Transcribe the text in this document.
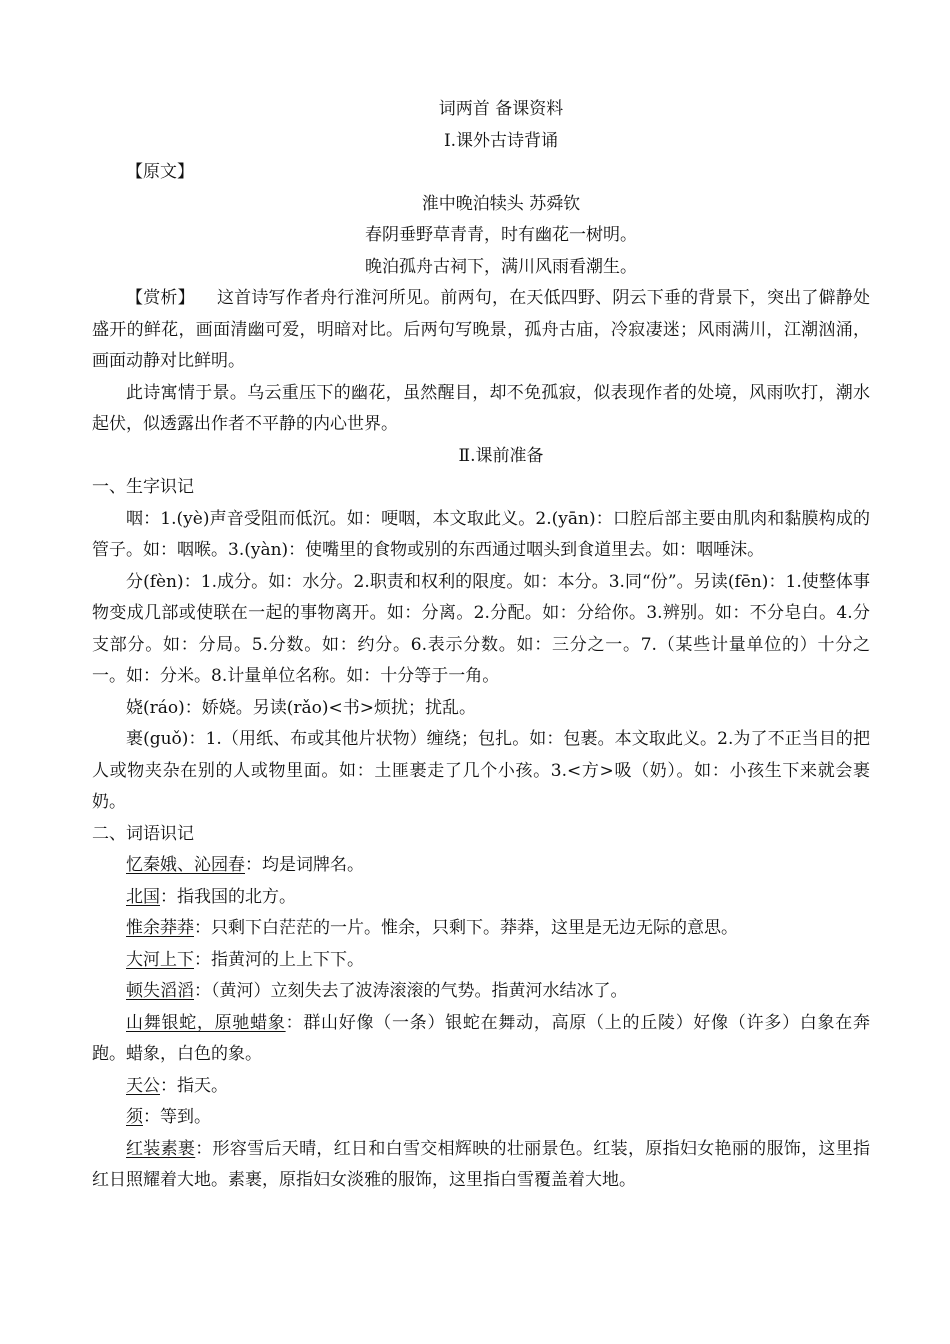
词两首 备课资料

Ⅰ.课外古诗背诵

【原文】

淮中晚泊犊头 苏舜钦

春阴垂野草青青，时有幽花一树明。

晚泊孤舟古祠下，满川风雨看潮生。

【赏析】 这首诗写作者舟行淮河所见。前两句，在天低四野、阴云下垂的背景下，突出了僻静处盛开的鲜花，画面清幽可爱，明暗对比。后两句写晚景，孤舟古庙，冷寂凄迷；风雨满川，江潮汹涌，画面动静对比鲜明。

此诗寓情于景。乌云重压下的幽花，虽然醒目，却不免孤寂，似表现作者的处境，风雨吹打，潮水起伏，似透露出作者不平静的内心世界。

Ⅱ.课前准备

一、生字识记

咽：1.(yè)声音受阻而低沉。如：哽咽，本文取此义。2.(yān)：口腔后部主要由肌肉和黏膜构成的管子。如：咽喉。3.(yàn)：使嘴里的食物或别的东西通过咽头到食道里去。如：咽唾沫。

分(fèn)：1.成分。如：水分。2.职责和权利的限度。如：本分。3.同“份”。另读(fēn)：1.使整体事物变成几部或使联在一起的事物离开。如：分离。2.分配。如：分给你。3.辨别。如：不分皂白。4.分支部分。如：分局。5.分数。如：约分。6.表示分数。如：三分之一。7.（某些计量单位的）十分之一。如：分米。8.计量单位名称。如：十分等于一角。

娆(ráo)：娇娆。另读(rǎo)<书>烦扰；扰乱。

裹(guǒ)：1.（用纸、布或其他片状物）缠绕；包扎。如：包裹。本文取此义。2.为了不正当目的把人或物夹杂在别的人或物里面。如：土匪裹走了几个小孩。3.<方>吸（奶）。如：小孩生下来就会裹奶。

二、词语识记

忆秦娥、沁园春：均是词牌名。

北国：指我国的北方。

惟余莽莽：只剩下白茫茫的一片。惟余，只剩下。莽莽，这里是无边无际的意思。

大河上下：指黄河的上上下下。

顿失滔滔：（黄河）立刻失去了波涛滚滚的气势。指黄河水结冰了。

山舞银蛇，原驰蜡象：群山好像（一条）银蛇在舞动，高原（上的丘陵）好像（许多）白象在奔跑。蜡象，白色的象。

天公：指天。

须：等到。

红装素裹：形容雪后天晴，红日和白雪交相辉映的壮丽景色。红装，原指妇女艳丽的服饰，这里指红日照耀着大地。素裹，原指妇女淡雅的服饰，这里指白雪覆盖着大地。
